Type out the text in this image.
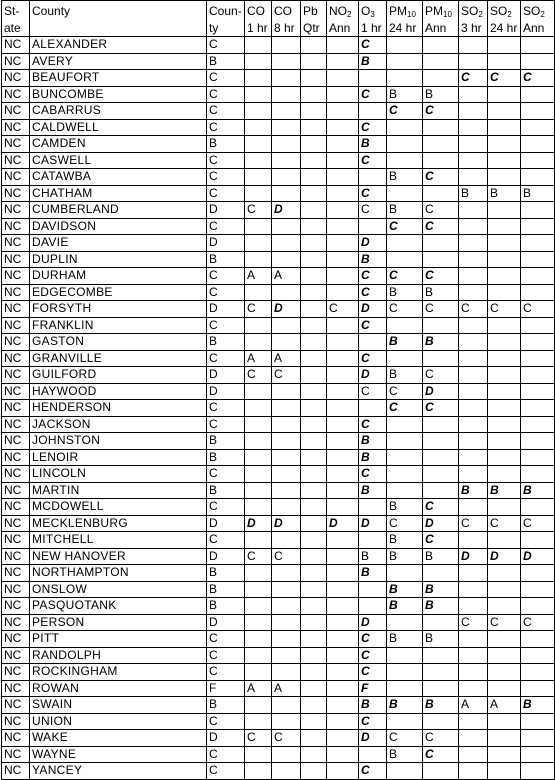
St-	County	Coun-	CO	CO	Pb	$NO_2$	$O_3$	$PM_{10}$	$PM_{10}$	$SO_2$	$SO_2$	$SO_2$
ate		ty	1 hr	8 hr	Qtr	Ann	1 hr	24 hr	Ann	3 hr	24 hr	Ann
NC	ALEXANDER	C					C					
NC	AVERY	B					B					
NC	BEAUFORT	C								C	C	C
NC	BUNCOMBE	C					C	B	B			
NC	CABARRUS	C						C	C			
NC	CALDWELL	C					C					
NC	CAMDEN	B					B					
NC	CASWELL	C					C					
NC	CATAWBA	C						B	C			
NC	CHATHAM	C					C			B	B	B
NC	CUMBERLAND	D	C	D			C	B	C			
NC	DAVIDSON	C						C	C			
NC	DAVIE	D					D					
NC	DUPLIN	B					B					
NC	DURHAM	C	A	A			C	C	C			
NC	EDGECOMBE	C					C	B	B			
NC	FORSYTH	D	C	D		C	D	C	C	C	C	C
NC	FRANKLIN	C					C					
NC	GASTON	B						B	B			
NC	GRANVILLE	C	A	A			C					
NC	GUILFORD	D	C	C			D	B	C			
NC	HAYWOOD	D					C	C	D			
NC	HENDERSON	C						C	C			
NC	JACKSON	C					C					
NC	JOHNSTON	B					B					
NC	LENOIR	B					B					
NC	LINCOLN	C					C					
NC	MARTIN	B					B			B	B	B
NC	MCDOWELL	C						B	C			
NC	MECKLENBURG	D	D	D		D	D	C	D	C	C	C
NC	MITCHELL	C						B	C			
NC	NEW HANOVER	D	C	C			B	B	B	D	D	D
NC	NORTHAMPTON	B					B					
NC	ONSLOW	B						B	B			
NC	PASQUOTANK	B						B	B			
NC	PERSON	D					D			C	C	C
NC	PITT	C					C	B	B			
NC	RANDOLPH	C					C					
NC	ROCKINGHAM	C					C					
NC	ROWAN	F	A	A			F					
NC	SWAIN	B					B	B	B	A	A	B
NC	UNION	C					C					
NC	WAKE	D	C	C			D	C	C			
NC	WAYNE	C						B	C			
NC	YANCEY	C					C					
